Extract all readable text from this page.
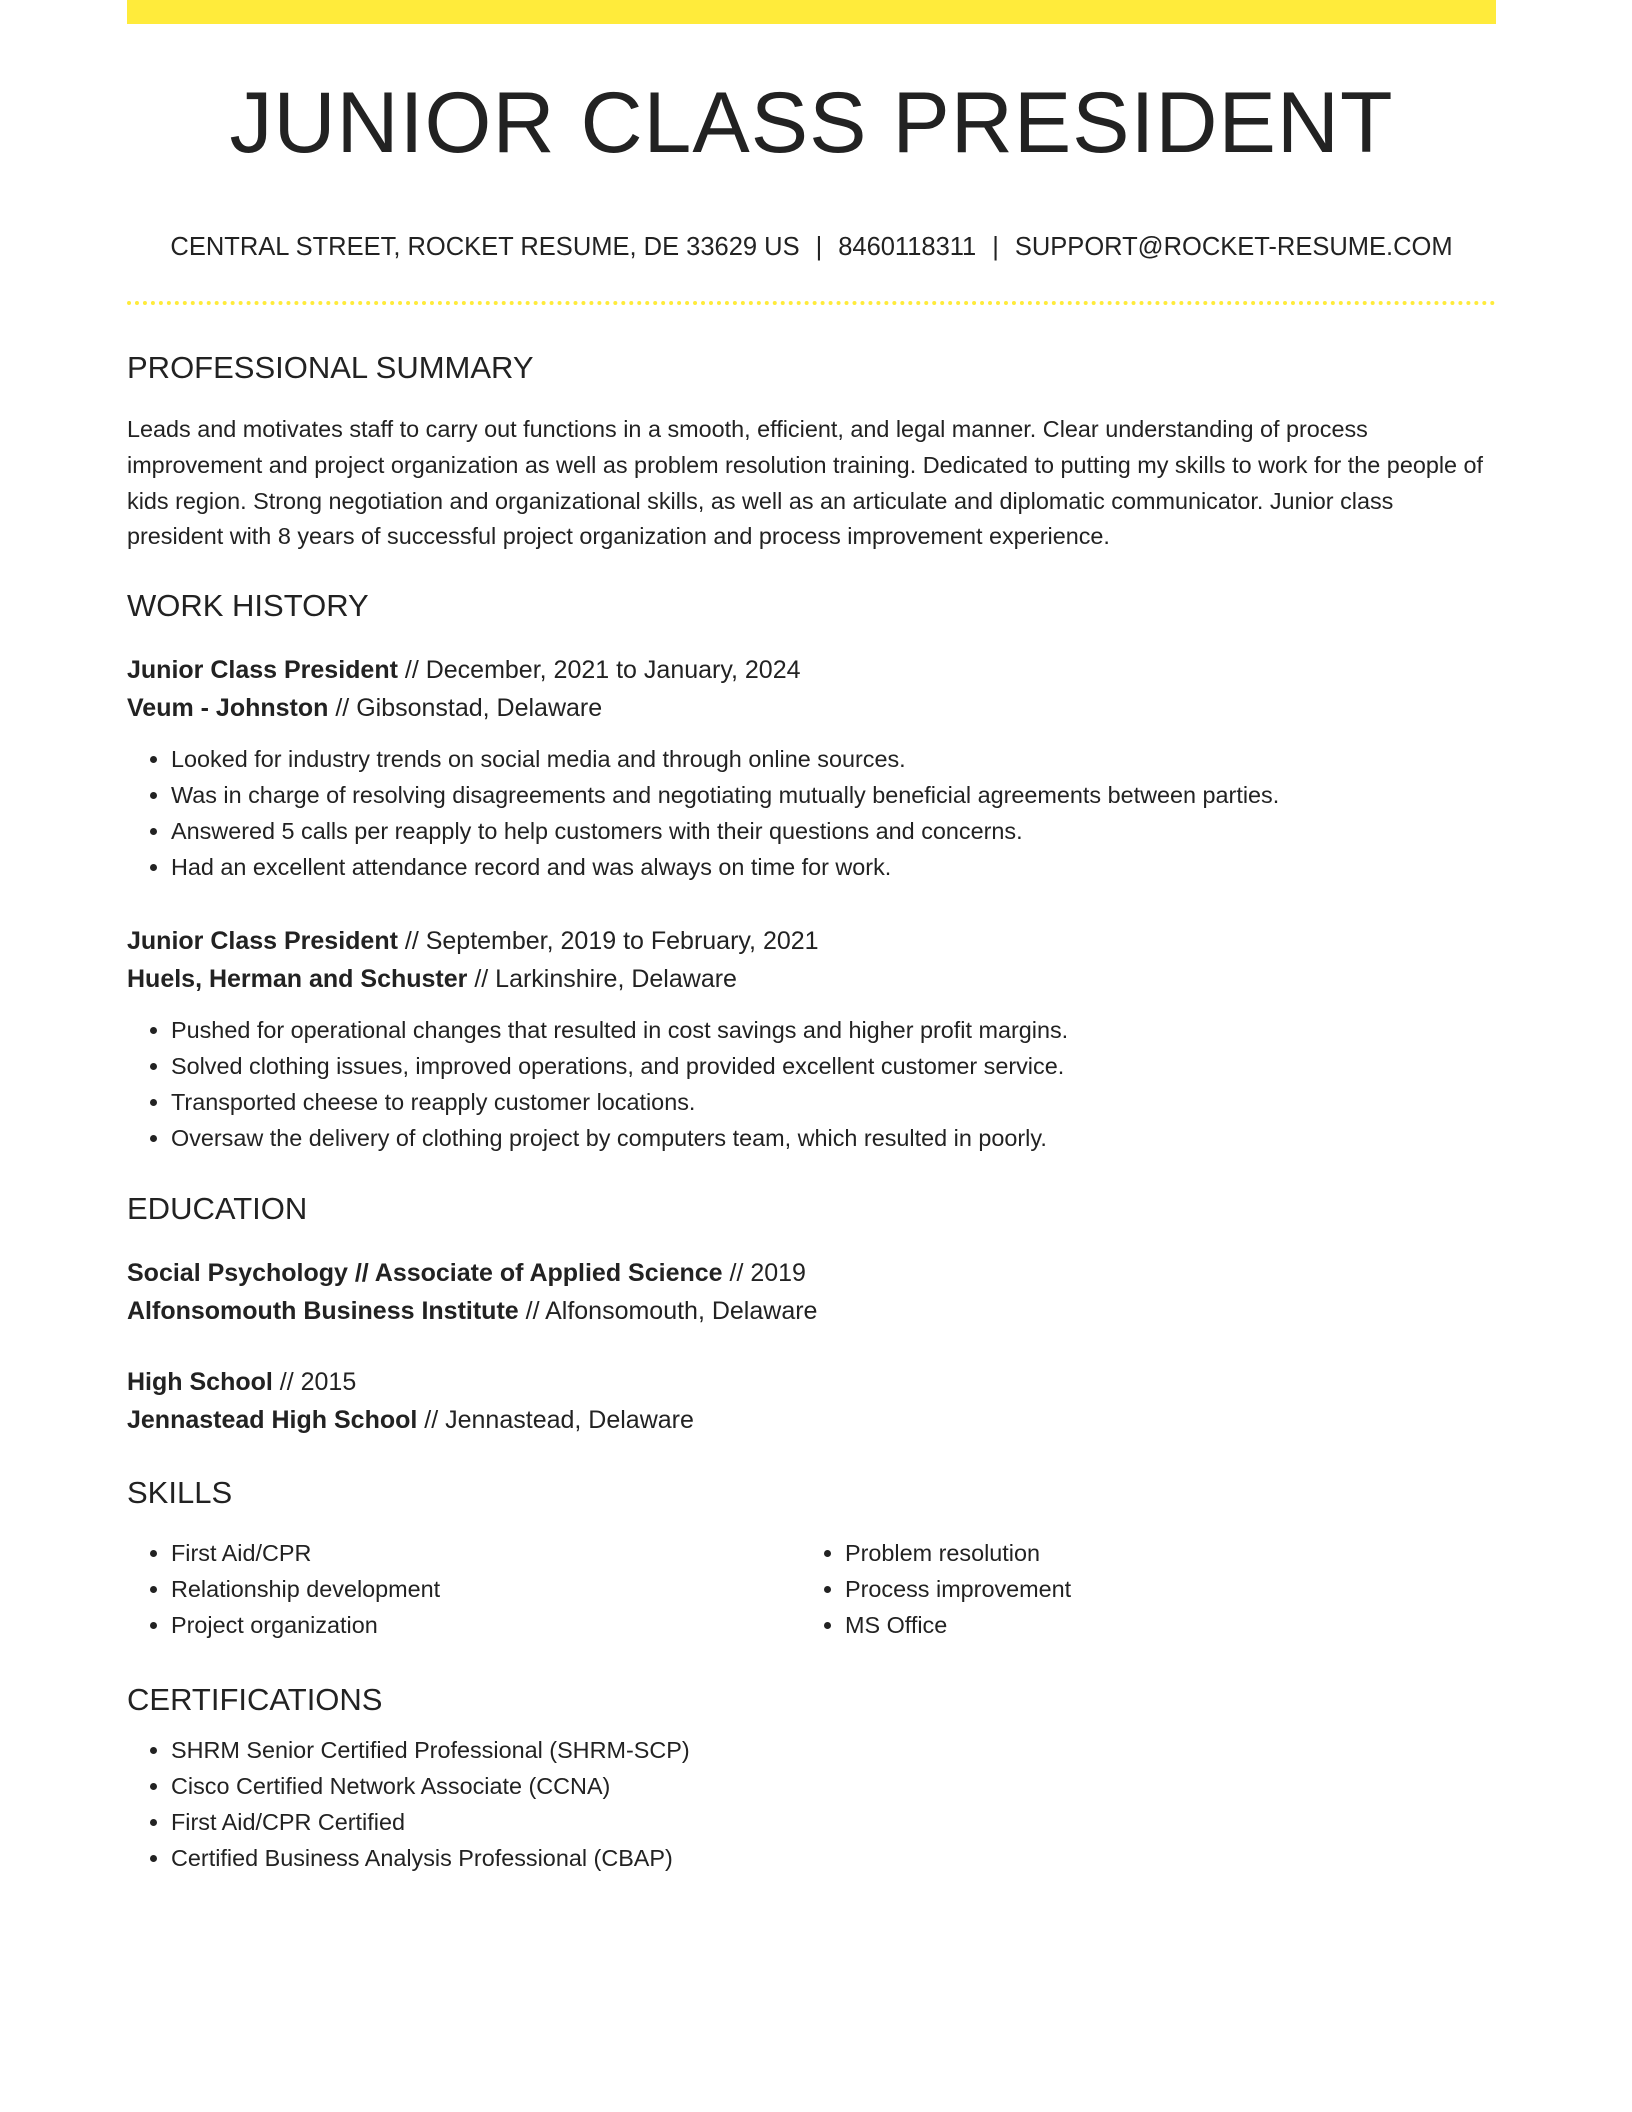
JUNIOR CLASS PRESIDENT
CENTRAL STREET, ROCKET RESUME, DE 33629 US | 8460118311 | SUPPORT@ROCKET-RESUME.COM
PROFESSIONAL SUMMARY
Leads and motivates staff to carry out functions in a smooth, efficient, and legal manner. Clear understanding of process improvement and project organization as well as problem resolution training. Dedicated to putting my skills to work for the people of kids region. Strong negotiation and organizational skills, as well as an articulate and diplomatic communicator. Junior class president with 8 years of successful project organization and process improvement experience.
WORK HISTORY
Junior Class President // December, 2021 to January, 2024
Veum - Johnston // Gibsonstad, Delaware
• Looked for industry trends on social media and through online sources.
• Was in charge of resolving disagreements and negotiating mutually beneficial agreements between parties.
• Answered 5 calls per reapply to help customers with their questions and concerns.
• Had an excellent attendance record and was always on time for work.
Junior Class President // September, 2019 to February, 2021
Huels, Herman and Schuster // Larkinshire, Delaware
• Pushed for operational changes that resulted in cost savings and higher profit margins.
• Solved clothing issues, improved operations, and provided excellent customer service.
• Transported cheese to reapply customer locations.
• Oversaw the delivery of clothing project by computers team, which resulted in poorly.
EDUCATION
Social Psychology // Associate of Applied Science // 2019
Alfonsomouth Business Institute // Alfonsomouth, Delaware
High School // 2015
Jennastead High School // Jennastead, Delaware
SKILLS
• First Aid/CPR
• Relationship development
• Project organization
• Problem resolution
• Process improvement
• MS Office
CERTIFICATIONS
• SHRM Senior Certified Professional (SHRM-SCP)
• Cisco Certified Network Associate (CCNA)
• First Aid/CPR Certified
• Certified Business Analysis Professional (CBAP)
